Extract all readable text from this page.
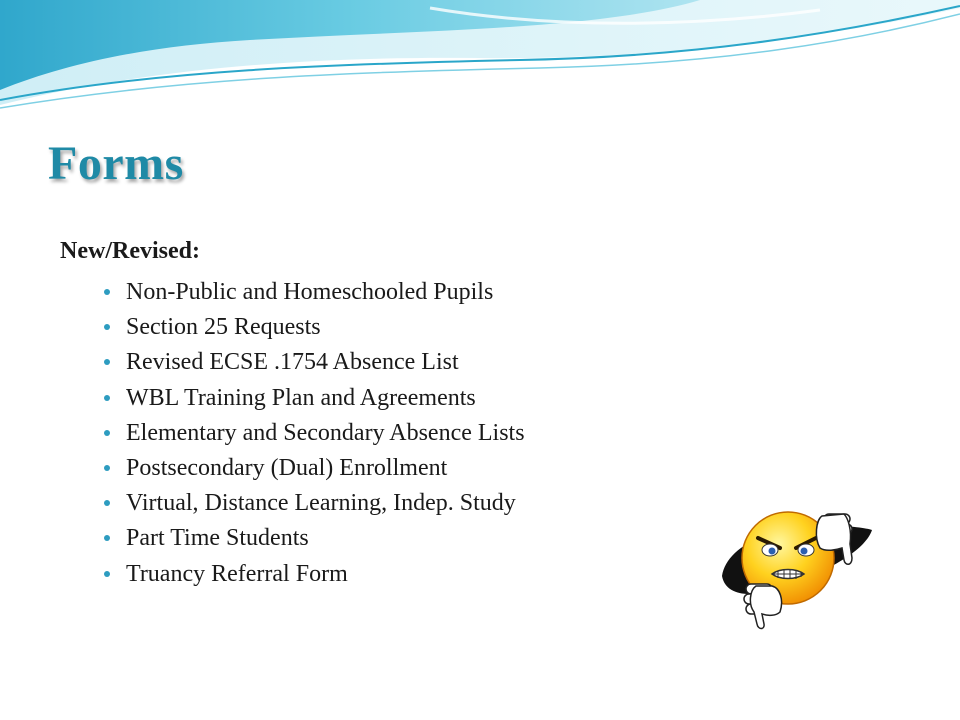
Forms
New/Revised:
Non-Public and Homeschooled Pupils
Section 25 Requests
Revised ECSE .1754 Absence List
WBL Training Plan and Agreements
Elementary and Secondary Absence Lists
Postsecondary (Dual) Enrollment
Virtual, Distance Learning, Indep. Study
Part Time Students
Truancy Referral Form
